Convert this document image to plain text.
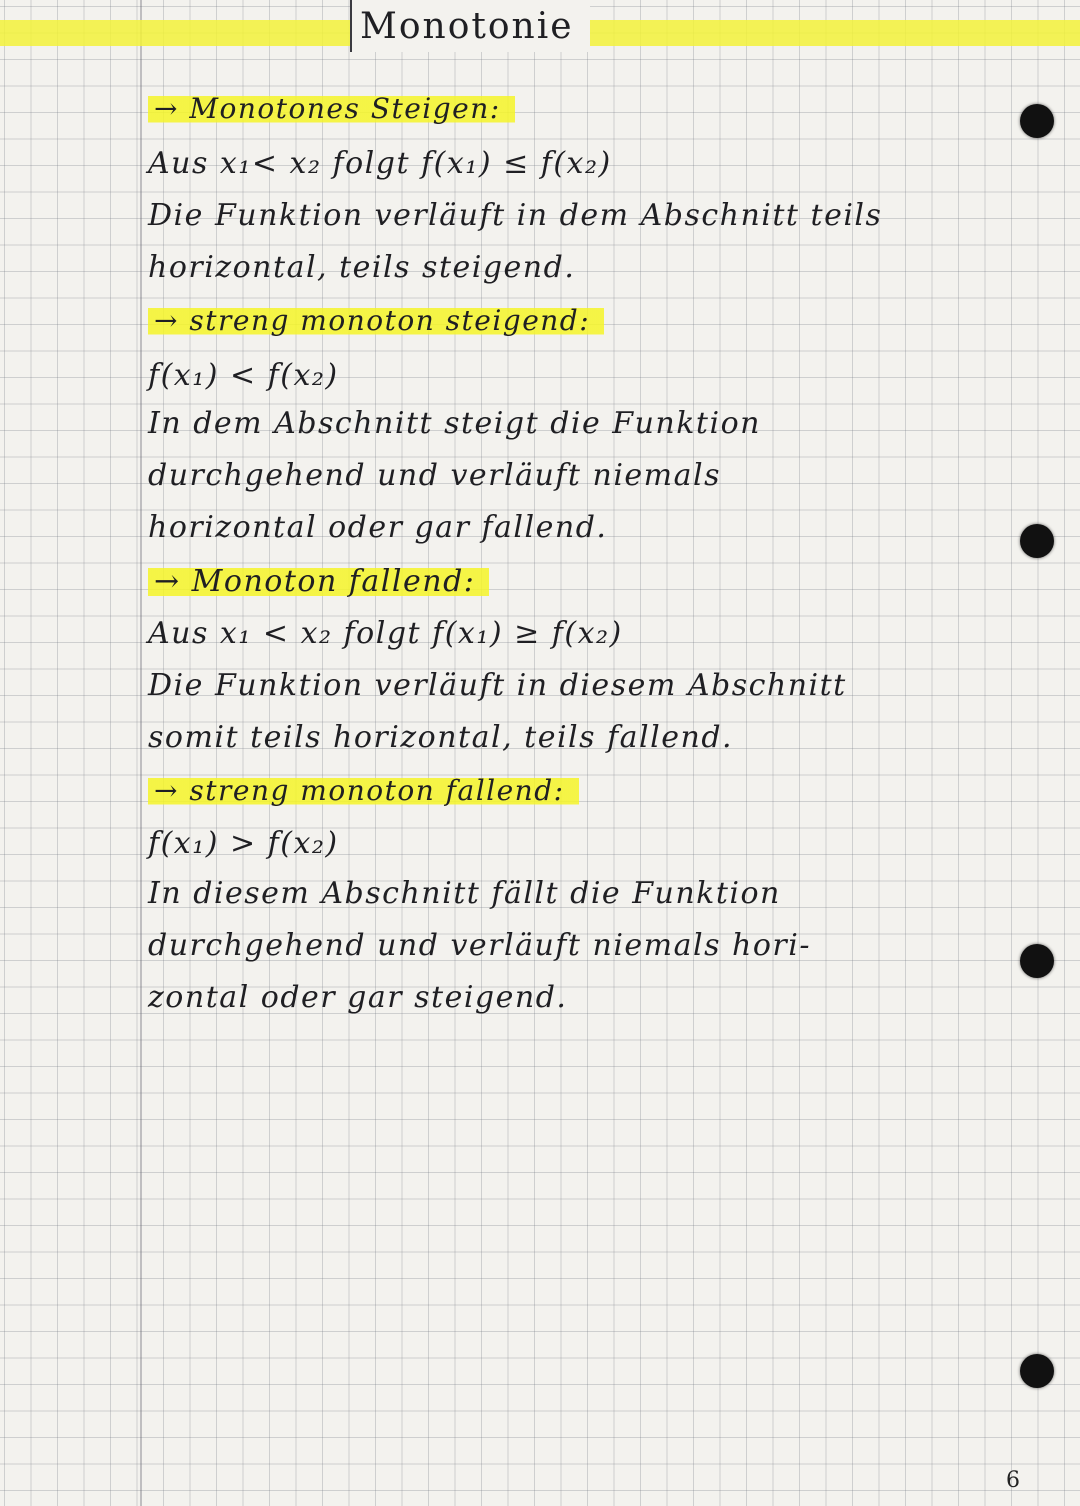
Monotonie
→ Monotones Steigen:
Aus x₁< x₂ folgt f(x₁) ≤ f(x₂)
Die Funktion verläuft in dem Abschnitt teils
horizontal, teils steigend.
→ streng monoton steigend:
f(x₁) < f(x₂)
In dem Abschnitt steigt die Funktion
durchgehend und verläuft niemals
horizontal oder gar fallend.
→ Monoton fallend:
Aus x₁ < x₂ folgt f(x₁) ≥ f(x₂)
Die Funktion verläuft in diesem Abschnitt
somit teils horizontal, teils fallend.
→ streng monoton fallend:
f(x₁) > f(x₂)
In diesem Abschnitt fällt die Funktion
durchgehend und verläuft niemals hori-
zontal oder gar steigend.
6
